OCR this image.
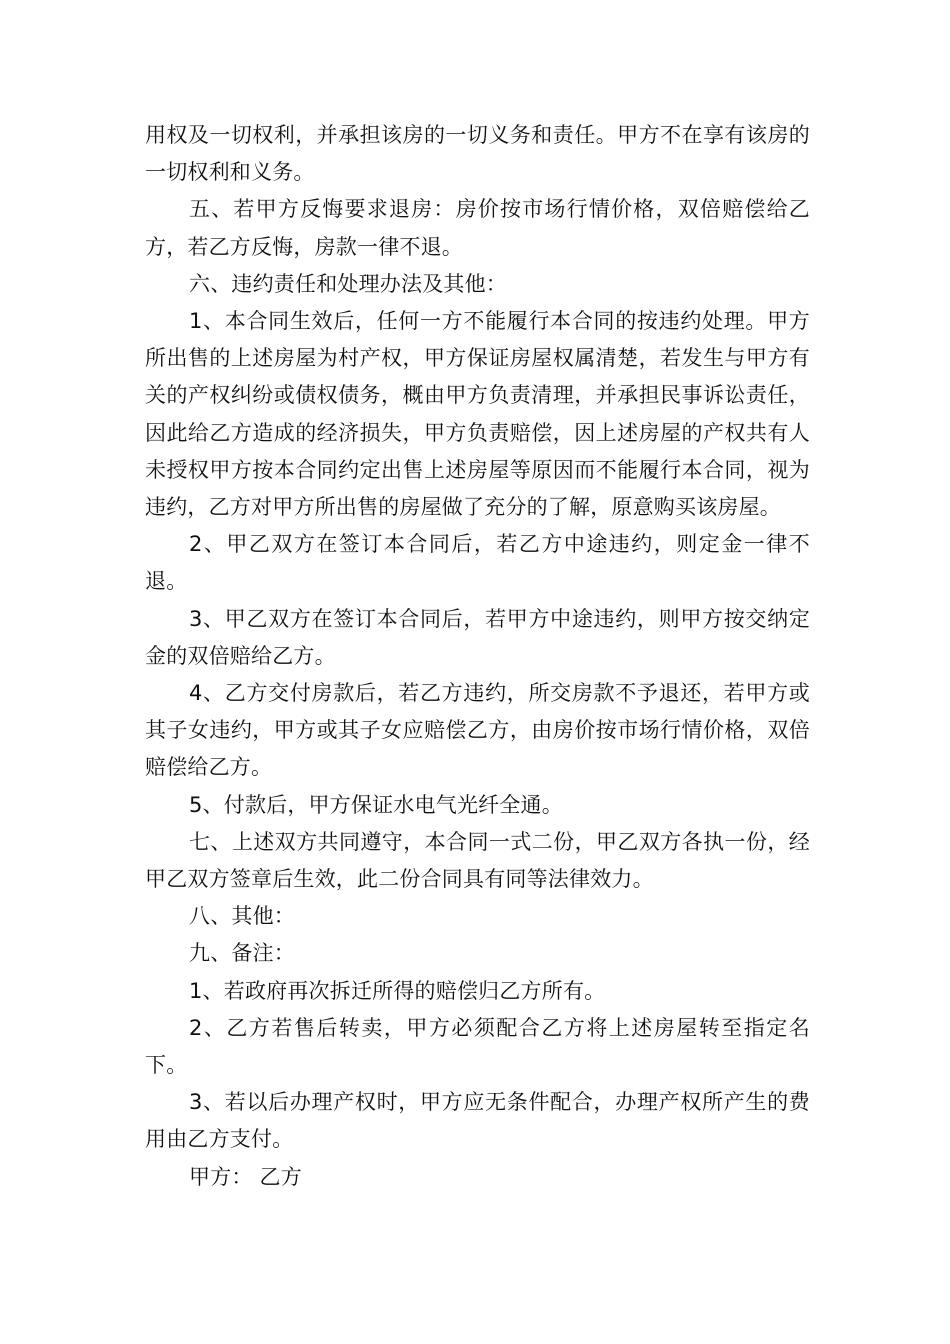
用权及一切权利，并承担该房的一切义务和责任。甲方不在享有该房的一切权利和义务。

五、若甲方反悔要求退房：房价按市场行情价格，双倍赔偿给乙方，若乙方反悔，房款一律不退。

六、违约责任和处理办法及其他：

1、本合同生效后，任何一方不能履行本合同的按违约处理。甲方所出售的上述房屋为村产权，甲方保证房屋权属清楚，若发生与甲方有关的产权纠纷或债权债务，概由甲方负责清理，并承担民事诉讼责任，因此给乙方造成的经济损失，甲方负责赔偿，因上述房屋的产权共有人未授权甲方按本合同约定出售上述房屋等原因而不能履行本合同，视为违约，乙方对甲方所出售的房屋做了充分的了解，原意购买该房屋。

2、甲乙双方在签订本合同后，若乙方中途违约，则定金一律不退。

3、甲乙双方在签订本合同后，若甲方中途违约，则甲方按交纳定金的双倍赔给乙方。

4、乙方交付房款后，若乙方违约，所交房款不予退还，若甲方或其子女违约，甲方或其子女应赔偿乙方，由房价按市场行情价格，双倍赔偿给乙方。

5、付款后，甲方保证水电气光纤全通。

七、上述双方共同遵守，本合同一式二份，甲乙双方各执一份，经甲乙双方签章后生效，此二份合同具有同等法律效力。

八、其他：

九、备注：

1、若政府再次拆迁所得的赔偿归乙方所有。

2、乙方若售后转卖，甲方必须配合乙方将上述房屋转至指定名下。

3、若以后办理产权时，甲方应无条件配合，办理产权所产生的费用由乙方支付。

甲方： 乙方
